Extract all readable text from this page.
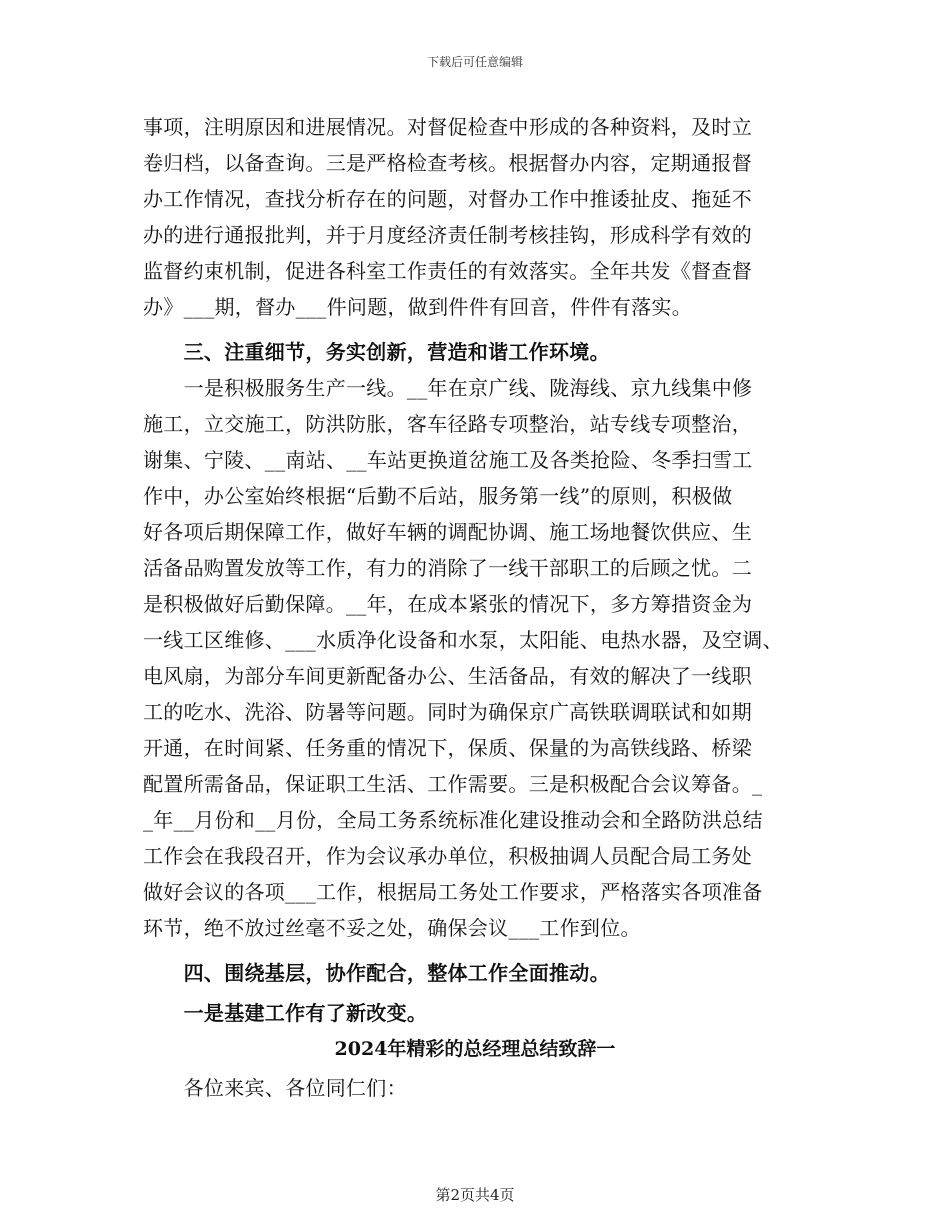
下载后可任意编辑
事项，注明原因和进展情况。对督促检查中形成的各种资料，及时立
卷归档，以备查询。三是严格检查考核。根据督办内容，定期通报督
办工作情况，查找分析存在的问题，对督办工作中推诿扯皮、拖延不
办的进行通报批判，并于月度经济责任制考核挂钩，形成科学有效的
监督约束机制，促进各科室工作责任的有效落实。全年共发《督查督
办》___期，督办___件问题，做到件件有回音，件件有落实。
　　三、注重细节，务实创新，营造和谐工作环境。
　　一是积极服务生产一线。__年在京广线、陇海线、京九线集中修
施工，立交施工，防洪防胀，客车径路专项整治，站专线专项整治，
谢集、宁陵、__南站、__车站更换道岔施工及各类抢险、冬季扫雪工
作中，办公室始终根据“后勤不后站，服务第一线”的原则，积极做
好各项后期保障工作，做好车辆的调配协调、施工场地餐饮供应、生
活备品购置发放等工作，有力的消除了一线干部职工的后顾之忧。二
是积极做好后勤保障。__年，在成本紧张的情况下，多方筹措资金为
一线工区维修、___水质净化设备和水泵，太阳能、电热水器，及空调、
电风扇，为部分车间更新配备办公、生活备品，有效的解决了一线职
工的吃水、洗浴、防暑等问题。同时为确保京广高铁联调联试和如期
开通，在时间紧、任务重的情况下，保质、保量的为高铁线路、桥梁
配置所需备品，保证职工生活、工作需要。三是积极配合会议筹备。_
_年__月份和__月份，全局工务系统标准化建设推动会和全路防洪总结
工作会在我段召开，作为会议承办单位，积极抽调人员配合局工务处
做好会议的各项___工作，根据局工务处工作要求，严格落实各项准备
环节，绝不放过丝毫不妥之处，确保会议___工作到位。
　　四、围绕基层，协作配合，整体工作全面推动。
　　一是基建工作有了新改变。
2024年精彩的总经理总结致辞一
　　各位来宾、各位同仁们：
第2页共4页
